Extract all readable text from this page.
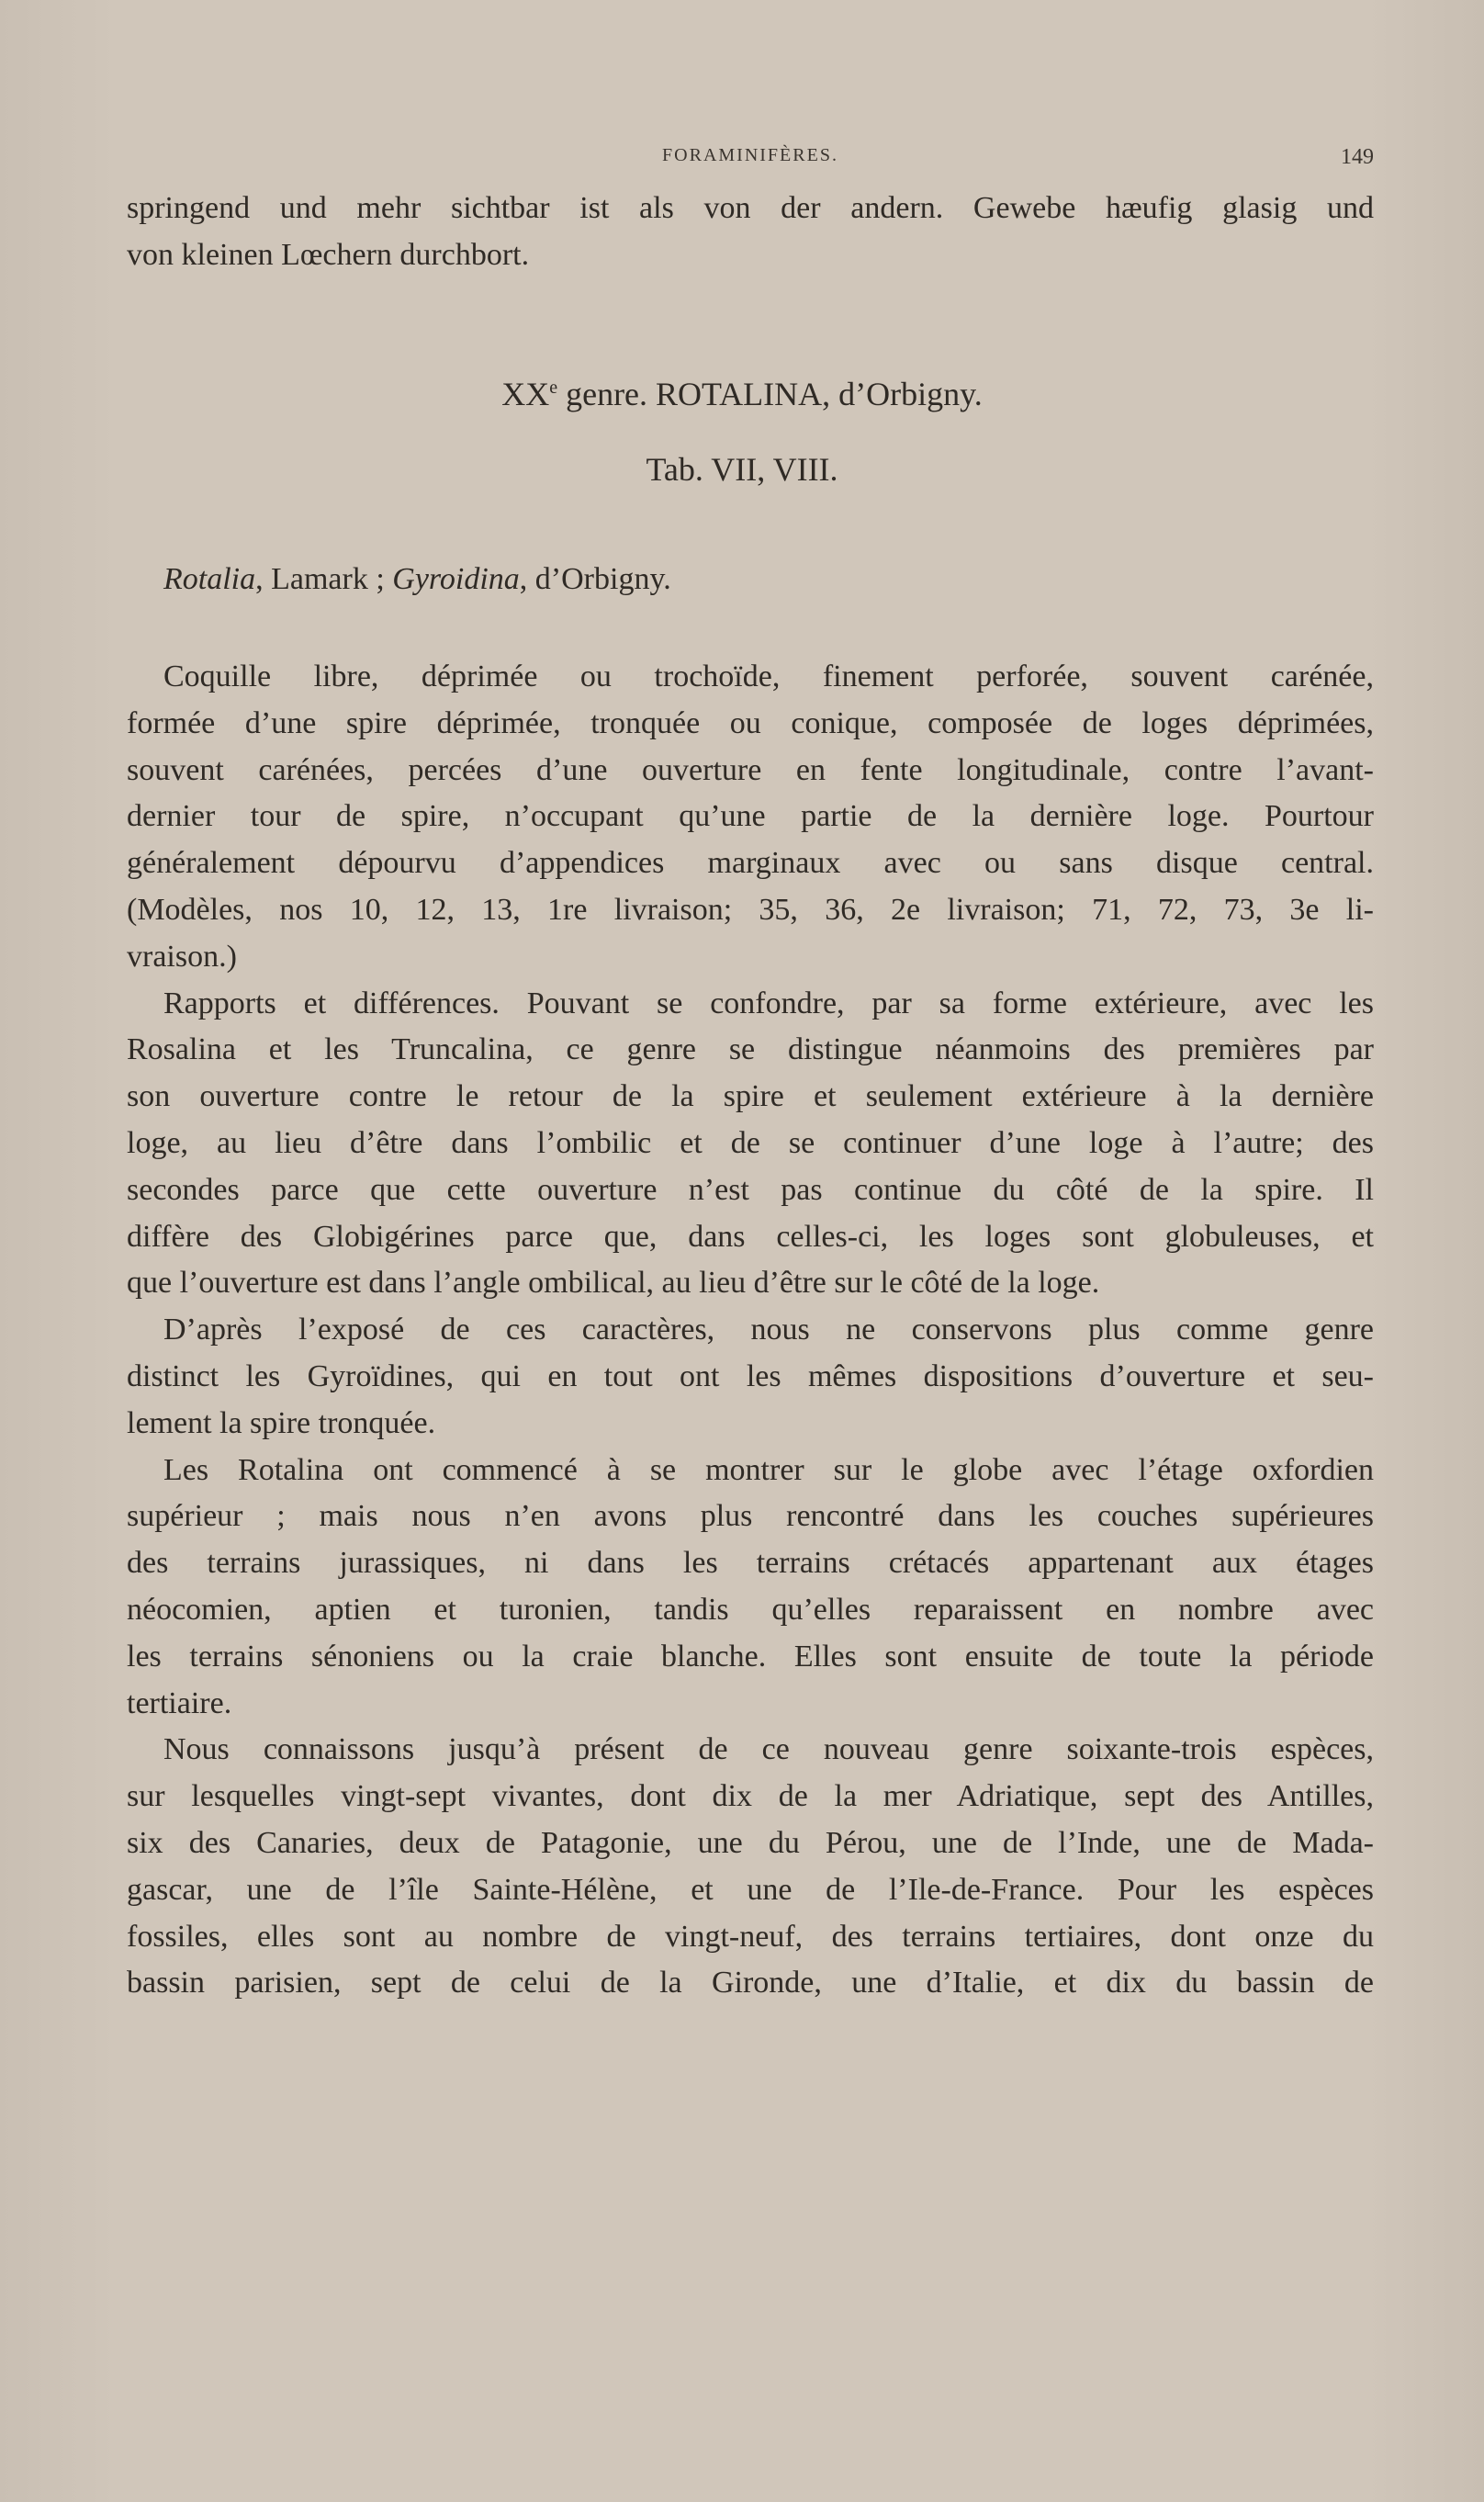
FORAMINIFÈRES.	149
springend und mehr sichtbar ist als von der andern. Gewebe hæufig glasig und
von kleinen Lœchern durchbort.
XXe genre. ROTALINA, d’Orbigny.
Tab. VII, VIII.
Rotalia, Lamark ; Gyroidina, d’Orbigny.
Coquille libre, déprimée ou trochoïde, finement perforée, souvent carénée,
formée d’une spire déprimée, tronquée ou conique, composée de loges déprimées,
souvent carénées, percées d’une ouverture en fente longitudinale, contre l’avant-
dernier tour de spire, n’occupant qu’une partie de la dernière loge. Pourtour
généralement dépourvu d’appendices marginaux avec ou sans disque central.
(Modèles, nos 10, 12, 13, 1re livraison; 35, 36, 2e livraison; 71, 72, 73, 3e li-
vraison.)
Rapports et différences. Pouvant se confondre, par sa forme extérieure, avec les
Rosalina et les Truncalina, ce genre se distingue néanmoins des premières par
son ouverture contre le retour de la spire et seulement extérieure à la dernière
loge, au lieu d’être dans l’ombilic et de se continuer d’une loge à l’autre; des
secondes parce que cette ouverture n’est pas continue du côté de la spire. Il
diffère des Globigérines parce que, dans celles-ci, les loges sont globuleuses, et
que l’ouverture est dans l’angle ombilical, au lieu d’être sur le côté de la loge.
D’après l’exposé de ces caractères, nous ne conservons plus comme genre
distinct les Gyroïdines, qui en tout ont les mêmes dispositions d’ouverture et seu-
lement la spire tronquée.
Les Rotalina ont commencé à se montrer sur le globe avec l’étage oxfordien
supérieur ; mais nous n’en avons plus rencontré dans les couches supérieures
des terrains jurassiques, ni dans les terrains crétacés appartenant aux étages
néocomien, aptien et turonien, tandis qu’elles reparaissent en nombre avec
les terrains sénoniens ou la craie blanche. Elles sont ensuite de toute la période
tertiaire.
Nous connaissons jusqu’à présent de ce nouveau genre soixante-trois espèces,
sur lesquelles vingt-sept vivantes, dont dix de la mer Adriatique, sept des Antilles,
six des Canaries, deux de Patagonie, une du Pérou, une de l’Inde, une de Mada-
gascar, une de l’île Sainte-Hélène, et une de l’Ile-de-France. Pour les espèces
fossiles, elles sont au nombre de vingt-neuf, des terrains tertiaires, dont onze du
bassin parisien, sept de celui de la Gironde, une d’Italie, et dix du bassin de
